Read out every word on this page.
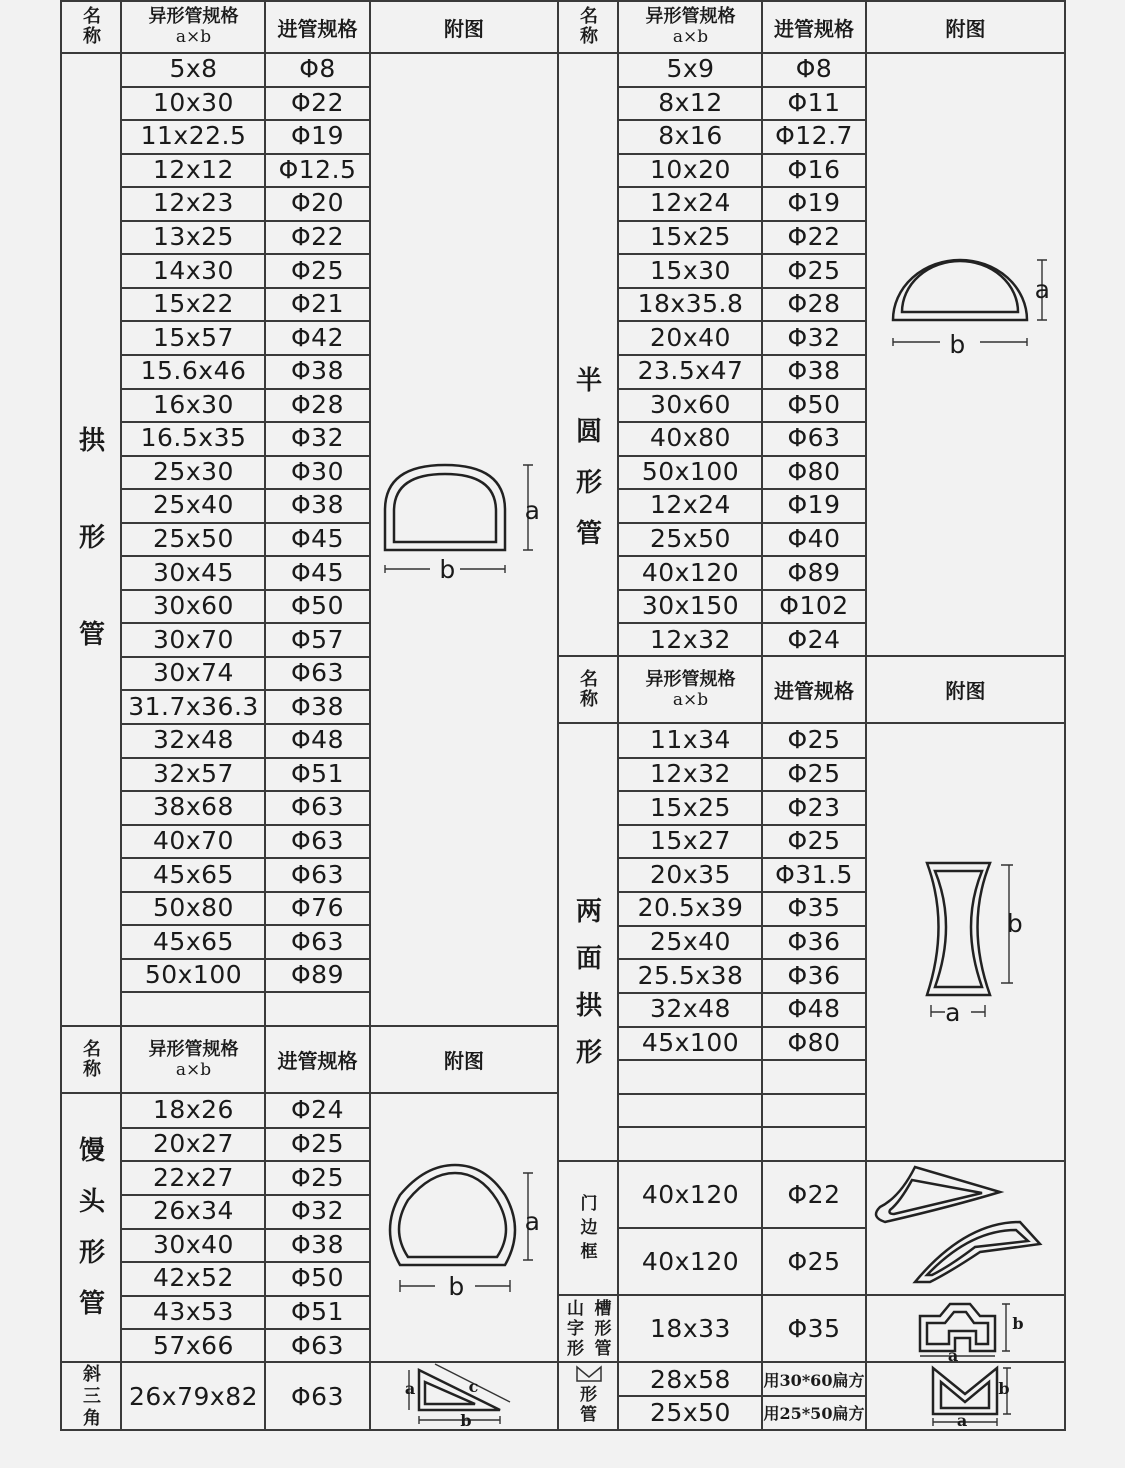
名
称
异形管规格
a×b	进管规格	附图
5x8	Φ8
10x30	Φ22
11x22.5	Φ19
12x12	Φ12.5
12x23	Φ20
13x25	Φ22
14x30	Φ25
15x22	Φ21
15x57	Φ42
15.6x46	Φ38
16x30	Φ28
16.5x35	Φ32
25x30	Φ30
25x40	Φ38
25x50	Φ45
30x45	Φ45
30x60	Φ50
30x70	Φ57
30x74	Φ63
31.7x36.3	Φ38
32x48	Φ48
32x57	Φ51
38x68	Φ63
40x70	Φ63
45x65	Φ63
50x80	Φ76
45x65	Φ63
50x100	Φ89
拱
形
管
名
称
异形管规格
a×b	进管规格	附图
18x26	Φ24
20x27	Φ25
22x27	Φ25
26x34	Φ32
30x40	Φ38
42x52	Φ50
43x53	Φ51
57x66	Φ63
馒
头
形
管
斜
三
角
26x79x82	Φ63
名
称
异形管规格
a×b	进管规格	附图
5x9	Φ8
8x12	Φ11
8x16	Φ12.7
10x20	Φ16
12x24	Φ19
15x25	Φ22
15x30	Φ25
18x35.8	Φ28
20x40	Φ32
23.5x47	Φ38
30x60	Φ50
40x80	Φ63
50x100	Φ80
12x24	Φ19
25x50	Φ40
40x120	Φ89
30x150	Φ102
12x32	Φ24
半
圆
形
管
名
称
异形管规格
a×b	进管规格	附图
11x34	Φ25
12x32	Φ25
15x25	Φ23
15x27	Φ25
20x35	Φ31.5
20.5x39	Φ35
25x40	Φ36
25.5x38	Φ36
32x48	Φ48
45x100	Φ80
两
面
拱
形
40x120	Φ22
40x120	Φ25
门
边
框
山
字
形
槽
形
管
18x33	Φ35
28x58	用30*60扁方
25x50	用25*50扁方
形
管
a
b
a
b
b
a
a
b
a
b
c
b
a
b
a
